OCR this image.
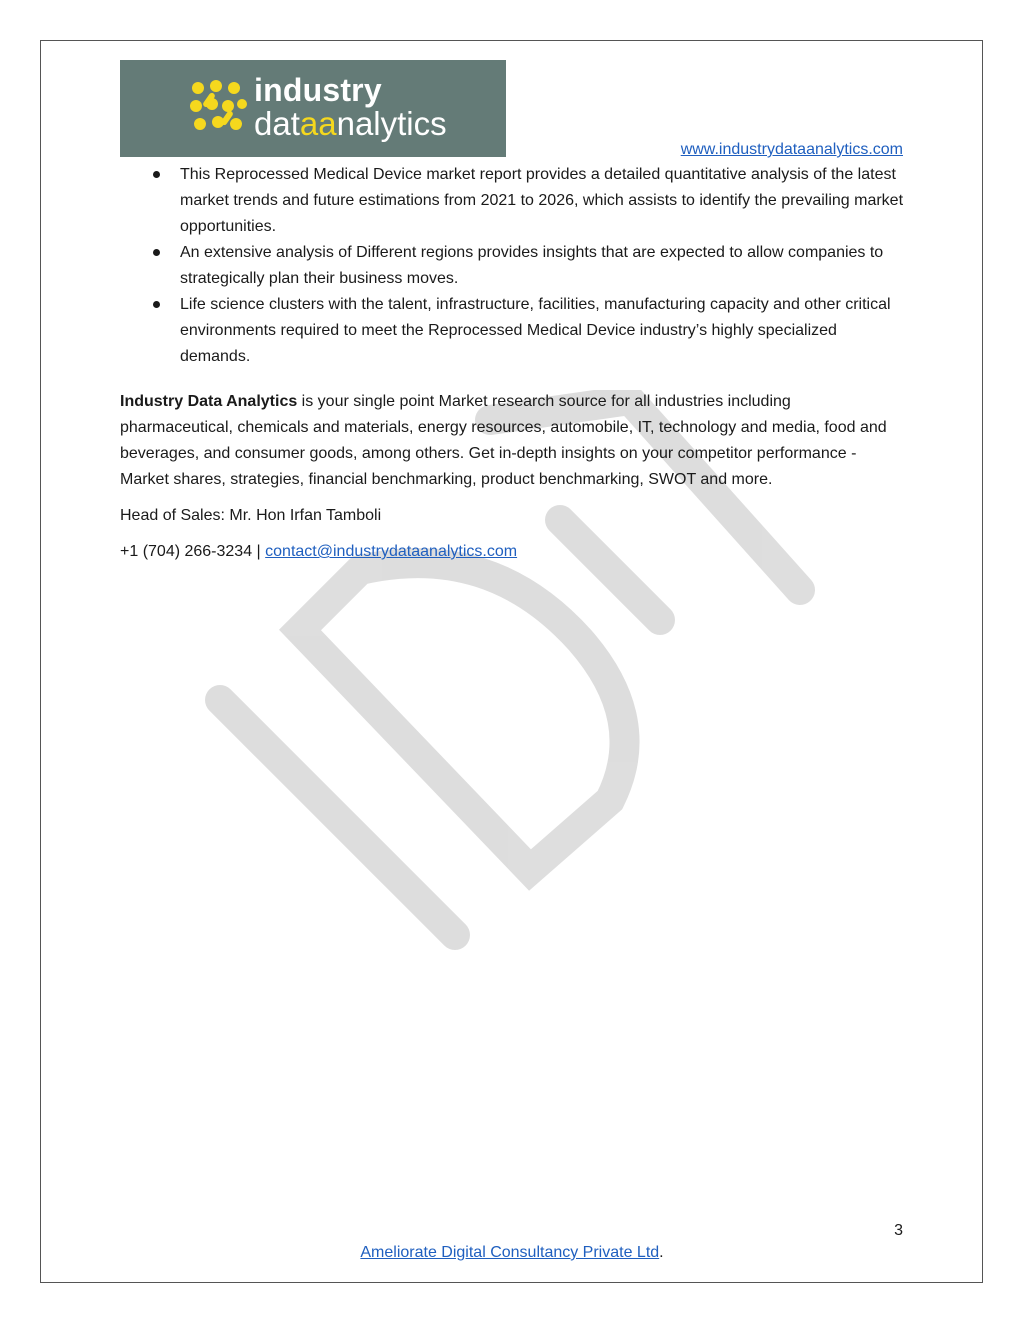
industry
dataanalytics
www.industrydataanalytics.com
This Reprocessed Medical Device market report provides a detailed quantitative analysis of the latest market trends and future estimations from 2021 to 2026, which assists to identify the prevailing market opportunities.
An extensive analysis of Different regions provides insights that are expected to allow companies to strategically plan their business moves.
Life science clusters with the talent, infrastructure, facilities, manufacturing capacity and other critical environments required to meet the Reprocessed Medical Device industry’s highly specialized demands.

Industry Data Analytics is your single point Market research source for all industries including pharmaceutical, chemicals and materials, energy resources, automobile, IT, technology and media, food and beverages, and consumer goods, among others. Get in-depth insights on your competitor performance - Market shares, strategies, financial benchmarking, product benchmarking, SWOT and more.

Head of Sales: Mr. Hon Irfan Tamboli

+1 (704) 266-3234 | contact@industrydataanalytics.com

3
Ameliorate Digital Consultancy Private Ltd.
